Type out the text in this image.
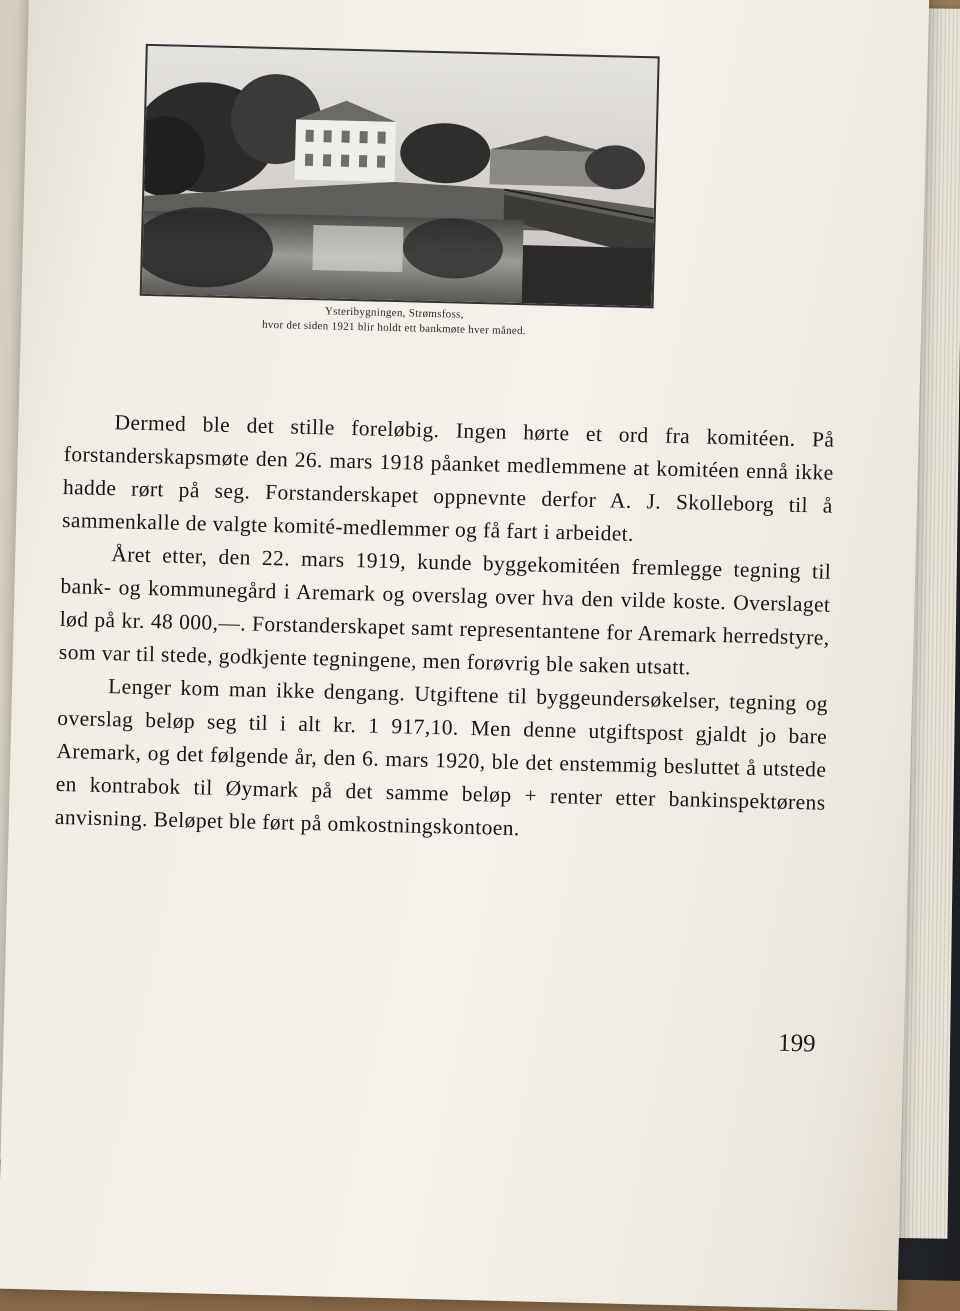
Ysteribygningen, Strømsfoss,
hvor det siden 1921 blir holdt ett bankmøte hver måned.

Dermed ble det stille foreløbig. Ingen hørte et ord fra komitéen. På forstanderskapsmøte den 26. mars 1918 påanket medlemmene at komitéen ennå ikke hadde rørt på seg. Forstanderskapet oppnevnte derfor A. J. Skolleborg til å sammenkalle de valgte komité-medlemmer og få fart i arbeidet.

Året etter, den 22. mars 1919, kunde byggekomitéen fremlegge tegning til bank- og kommunegård i Aremark og overslag over hva den vilde koste. Overslaget lød på kr. 48 000,—. Forstanderskapet samt representantene for Aremark herredstyre, som var til stede, godkjente tegningene, men forøvrig ble saken utsatt.

Lenger kom man ikke dengang. Utgiftene til byggeundersøkelser, tegning og overslag beløp seg til i alt kr. 1 917,10. Men denne utgiftspost gjaldt jo bare Aremark, og det følgende år, den 6. mars 1920, ble det enstemmig besluttet å utstede en kontrabok til Øymark på det samme beløp + renter etter bankinspektørens anvisning. Beløpet ble ført på omkostningskontoen.

199
